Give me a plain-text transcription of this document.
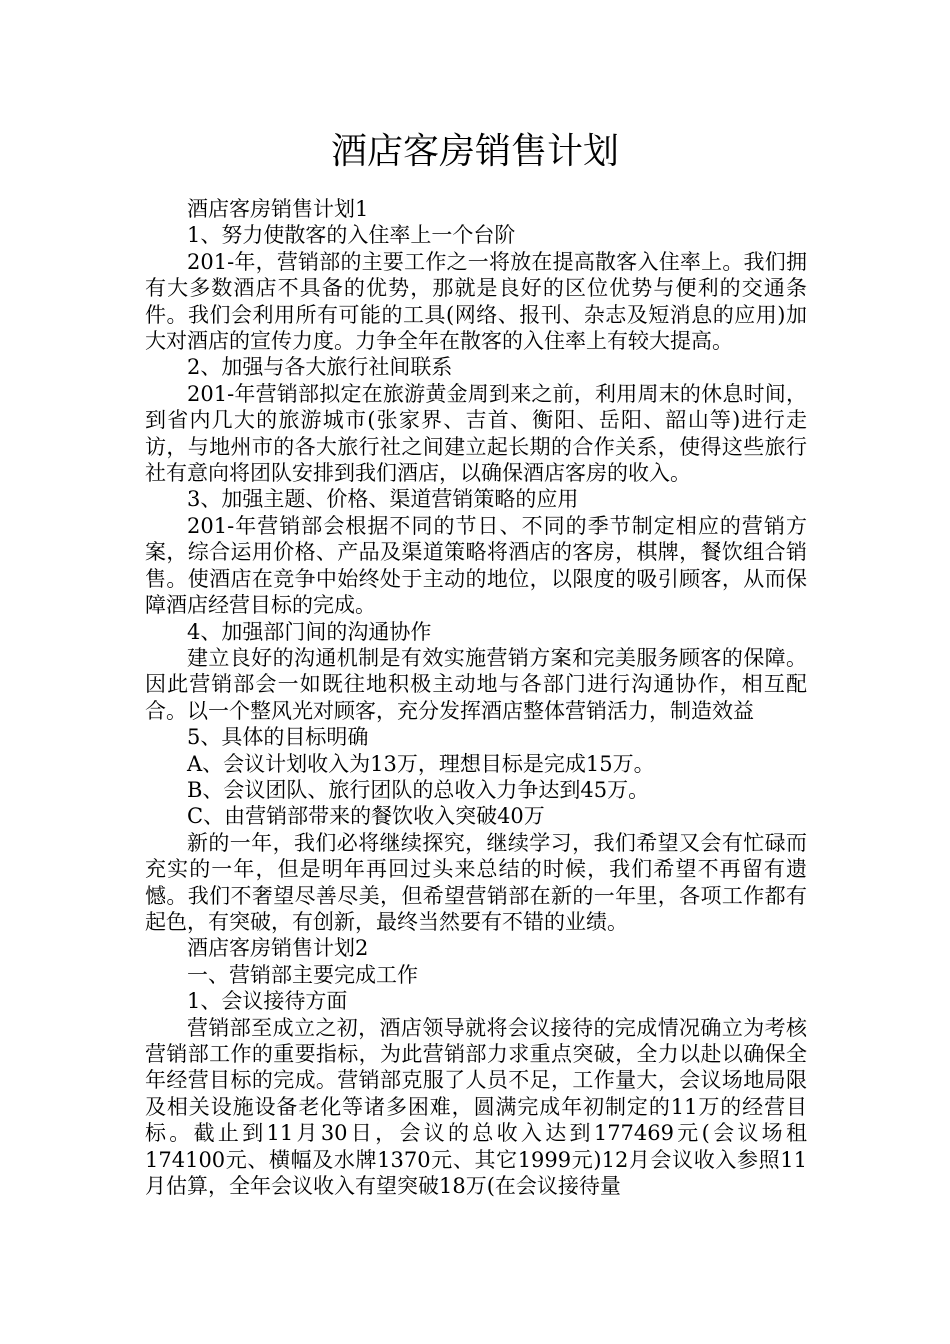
酒店客房销售计划

酒店客房销售计划1

1、努力使散客的入住率上一个台阶

201-年，营销部的主要工作之一将放在提高散客入住率上。我们拥有大多数酒店不具备的优势，那就是良好的区位优势与便利的交通条件。我们会利用所有可能的工具(网络、报刊、杂志及短消息的应用)加大对酒店的宣传力度。力争全年在散客的入住率上有较大提高。

2、加强与各大旅行社间联系

201-年营销部拟定在旅游黄金周到来之前，利用周末的休息时间，到省内几大的旅游城市(张家界、吉首、衡阳、岳阳、韶山等)进行走访，与地州市的各大旅行社之间建立起长期的合作关系，使得这些旅行社有意向将团队安排到我们酒店，以确保酒店客房的收入。

3、加强主题、价格、渠道营销策略的应用

201-年营销部会根据不同的节日、不同的季节制定相应的营销方案，综合运用价格、产品及渠道策略将酒店的客房，棋牌，餐饮组合销售。使酒店在竞争中始终处于主动的地位，以限度的吸引顾客，从而保障酒店经营目标的完成。

4、加强部门间的沟通协作

建立良好的沟通机制是有效实施营销方案和完美服务顾客的保障。因此营销部会一如既往地积极主动地与各部门进行沟通协作，相互配合。以一个整风光对顾客，充分发挥酒店整体营销活力，制造效益

5、具体的目标明确

A、会议计划收入为13万，理想目标是完成15万。

B、会议团队、旅行团队的总收入力争达到45万。

C、由营销部带来的餐饮收入突破40万

新的一年，我们必将继续探究，继续学习，我们希望又会有忙碌而充实的一年，但是明年再回过头来总结的时候，我们希望不再留有遗憾。我们不奢望尽善尽美，但希望营销部在新的一年里，各项工作都有起色，有突破，有创新，最终当然要有不错的业绩。

酒店客房销售计划2

一、营销部主要完成工作

1、会议接待方面

营销部至成立之初，酒店领导就将会议接待的完成情况确立为考核营销部工作的重要指标，为此营销部力求重点突破，全力以赴以确保全年经营目标的完成。营销部克服了人员不足，工作量大，会议场地局限及相关设施设备老化等诸多困难，圆满完成年初制定的11万的经营目标。截止到11月30日，会议的总收入达到177469元(会议场租174100元、横幅及水牌1370元、其它1999元)12月会议收入参照11月估算，全年会议收入有望突破18万(在会议接待量
